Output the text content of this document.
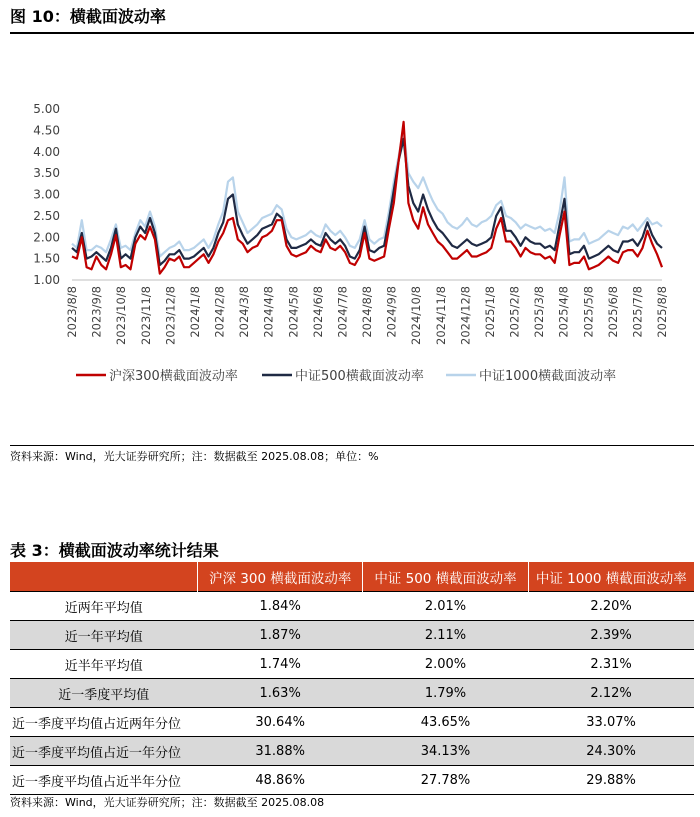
图 10：横截面波动率
5.00
4.50
4.00
3.50
3.00
2.50
2.00
1.50
1.00
2023/8/8 2023/9/8 2023/10/8 2023/11/8 2023/12/8 2024/1/8 2024/2/8 2024/3/8 2024/4/8 2024/5/8 2024/6/8 2024/7/8 2024/8/8 2024/9/8 2024/10/8 2024/11/8 2024/12/8 2025/1/8 2025/2/8 2025/3/8 2025/4/8 2025/5/8 2025/6/8 2025/7/8 2025/8/8
沪深300横截面波动率	中证500横截面波动率	中证1000横截面波动率
资料来源：Wind，光大证券研究所；注：数据截至 2025.08.08；单位：%
表 3：横截面波动率统计结果
	沪深 300 横截面波动率	中证 500 横截面波动率	中证 1000 横截面波动率
近两年平均值	1.84%	2.01%	2.20%
近一年平均值	1.87%	2.11%	2.39%
近半年平均值	1.74%	2.00%	2.31%
近一季度平均值	1.63%	1.79%	2.12%
近一季度平均值占近两年分位	30.64%	43.65%	33.07%
近一季度平均值占近一年分位	31.88%	34.13%	24.30%
近一季度平均值占近半年分位	48.86%	27.78%	29.88%
资料来源：Wind，光大证券研究所；注：数据截至 2025.08.08
